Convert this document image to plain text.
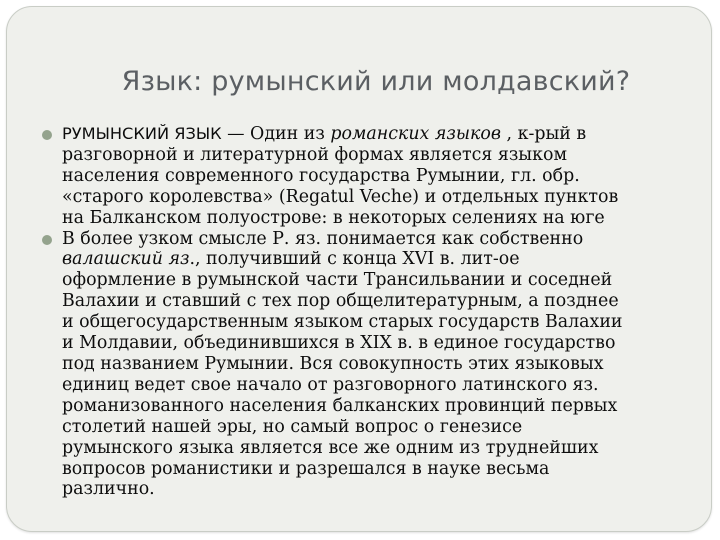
Язык: румынский или молдавский?
РУМЫНСКИЙ ЯЗЫК — Один из романских языков , к-рый в
разговорной и литературной формах является языком
населения современного государства Румынии, гл. обр.
«старого королевства» (Regatul Veche) и отдельных пунктов
на Балканском полуострове: в некоторых селениях на юге
В более узком смысле Р. яз. понимается как собственно
валашский яз., получивший с конца XVI в. лит-ое
оформление в румынской части Трансильвании и соседней
Валахии и ставший с тех пор общелитературным, а позднее
и общегосударственным языком старых государств Валахии
и Молдавии, объединившихся в XIX в. в единое государство
под названием Румынии. Вся совокупность этих языковых
единиц ведет свое начало от разговорного латинского яз.
романизованного населения балканских провинций первых
столетий нашей эры, но самый вопрос о генезисе
румынского языка является все же одним из труднейших
вопросов романистики и разрешался в науке весьма
различно.
